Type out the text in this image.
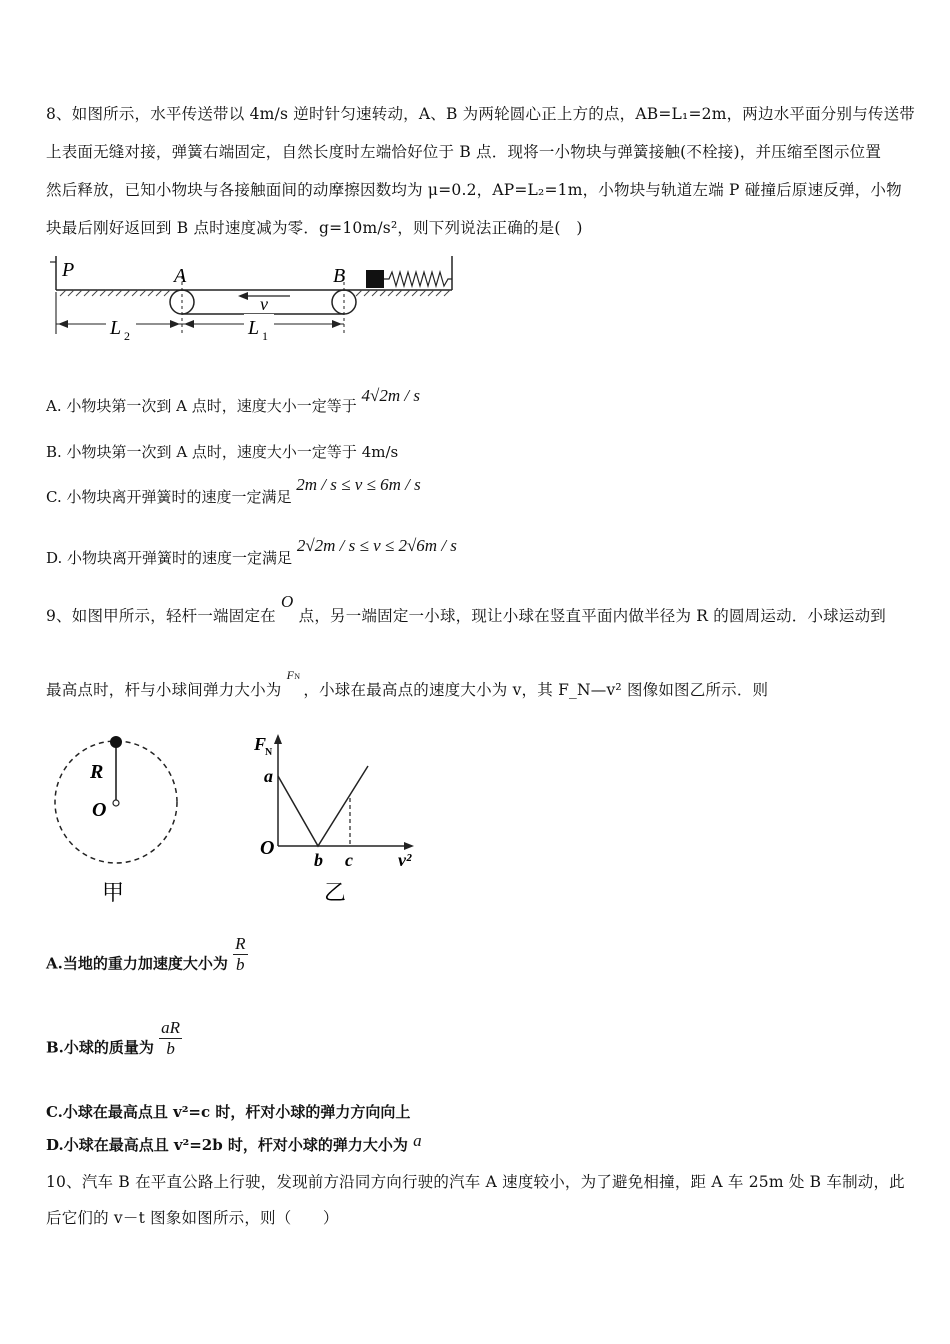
8、如图所示，水平传送带以 4m/s 逆时针匀速转动，A、B 为两轮圆心正上方的点，AB=L₁=2m，两边水平面分别与传送带
上表面无缝对接，弹簧右端固定，自然长度时左端恰好位于 B 点．现将一小物块与弹簧接触(不栓接)，并压缩至图示位置
然后释放，已知小物块与各接触面间的动摩擦因数均为 μ=0.2，AP=L₂=1m，小物块与轨道左端 P 碰撞后原速反弹，小物
块最后刚好返回到 B 点时速度减为零．g=10m/s²，则下列说法正确的是(　)
P	A	B
v
L 2	L 1
A. 小物块第一次到 A 点时，速度大小一定等于 4√2m / s
B. 小物块第一次到 A 点时，速度大小一定等于 4m/s
C. 小物块离开弹簧时的速度一定满足 2m / s ≤ v ≤ 6m / s
D. 小物块离开弹簧时的速度一定满足 2√2m / s ≤ v ≤ 2√6m / s
9、如图甲所示，轻杆一端固定在 O 点，另一端固定一小球，现让小球在竖直平面内做半径为 R 的圆周运动．小球运动到
最高点时，杆与小球间弹力大小为 $^{FN}$ ，小球在最高点的速度大小为 v，其 F_N—v² 图像如图乙所示．则
R
O
甲
F
N
a
O
b c	v²
乙
A.当地的重力加速度大小为 $\frac{R}{b}$
B.小球的质量为 $\frac{aR}{b}$
C.小球在最高点且 v²=c 时，杆对小球的弹力方向向上
D.小球在最高点且 v²=2b 时，杆对小球的弹力大小为 a
10、汽车 B 在平直公路上行驶，发现前方沿同方向行驶的汽车 A 速度较小，为了避免相撞，距 A 车 25m 处 B 车制动，此
后它们的 v－t 图象如图所示，则（　　）
